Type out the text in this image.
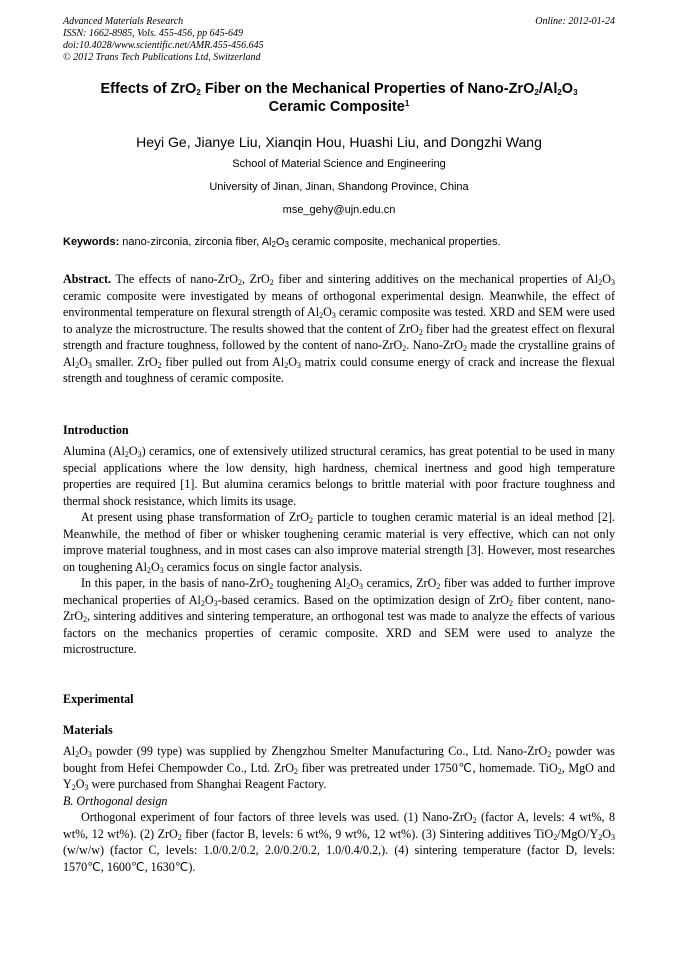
Advanced Materials Research
ISSN: 1662-8985, Vols. 455-456, pp 645-649
doi:10.4028/www.scientific.net/AMR.455-456.645
© 2012 Trans Tech Publications Ltd, Switzerland
Online: 2012-01-24
Effects of ZrO$_2$ Fiber on the Mechanical Properties of Nano-$ZrO_2/Al_2O_3$
Ceramic Composite$^1$
Heyi Ge, Jianye Liu, Xianqin Hou, Huashi Liu, and Dongzhi Wang
School of Material Science and Engineering
University of Jinan, Jinan, Shandong Province, China
mse_gehy@ujn.edu.cn
Keywords: nano-zirconia, zirconia fiber, $Al_2O_3$ ceramic composite, mechanical properties.

Abstract. The effects of nano-ZrO$_2$, ZrO$_2$ fiber and sintering additives on the mechanical properties of $Al_2O_3$ ceramic composite were investigated by means of orthogonal experimental design. Meanwhile, the effect of environmental temperature on flexural strength of $Al_2O_3$ ceramic composite was tested. XRD and SEM were used to analyze the microstructure. The results showed that the content of ZrO$_2$ fiber had the greatest effect on flexural strength and fracture toughness, followed by the content of nano-ZrO$_2$. Nano-ZrO$_2$ made the crystalline grains of $Al_2O_3$ smaller. ZrO$_2$ fiber pulled out from $Al_2O_3$ matrix could consume energy of crack and increase the flexual strength and toughness of ceramic composite.

Introduction

Alumina $(Al_2O_3)$ ceramics, one of extensively utilized structural ceramics, has great potential to be used in many special applications where the low density, high hardness, chemical inertness and good high temperature properties are required [1]. But alumina ceramics belongs to brittle material with poor fracture toughness and thermal shock resistance, which limits its usage.

At present using phase transformation of ZrO$_2$ particle to toughen ceramic material is an ideal method [2]. Meanwhile, the method of fiber or whisker toughening ceramic material is very effective, which can not only improve material toughness, and in most cases can also improve material strength [3]. However, most researches on toughening $Al_2O_3$ ceramics focus on single factor analysis.

In this paper, in the basis of nano-ZrO$_2$ toughening $Al_2O_3$ ceramics, ZrO$_2$ fiber was added to further improve mechanical properties of $Al_2O_3$-based ceramics. Based on the optimization design of ZrO$_2$ fiber content, nano-ZrO$_2$, sintering additives and sintering temperature, an orthogonal test was made to analyze the effects of various factors on the mechanics properties of ceramic composite. XRD and SEM were used to analyze the microstructure.

Experimental
Materials

$Al_2O_3$ powder (99 type) was supplied by Zhengzhou Smelter Manufacturing Co., Ltd. Nano-ZrO$_2$ powder was bought from Hefei Chempowder Co., Ltd. ZrO$_2$ fiber was pretreated under 1750℃, homemade. TiO$_2$, MgO and $Y_2O_3$ were purchased from Shanghai Reagent Factory.

B. Orthogonal design

Orthogonal experiment of four factors of three levels was used. (1) Nano-ZrO$_2$ (factor A, levels: 4 wt%, 8 wt%, 12 wt%). (2) ZrO$_2$ fiber (factor B, levels: 6 wt%, 9 wt%, 12 wt%). (3) Sintering additives $TiO_2/MgO/Y_2O_3$ (w/w/w) (factor C, levels: 1.0/0.2/0.2, 2.0/0.2/0.2, 1.0/0.4/0.2,). (4) sintering temperature (factor D, levels: 1570℃, 1600℃, 1630℃).
